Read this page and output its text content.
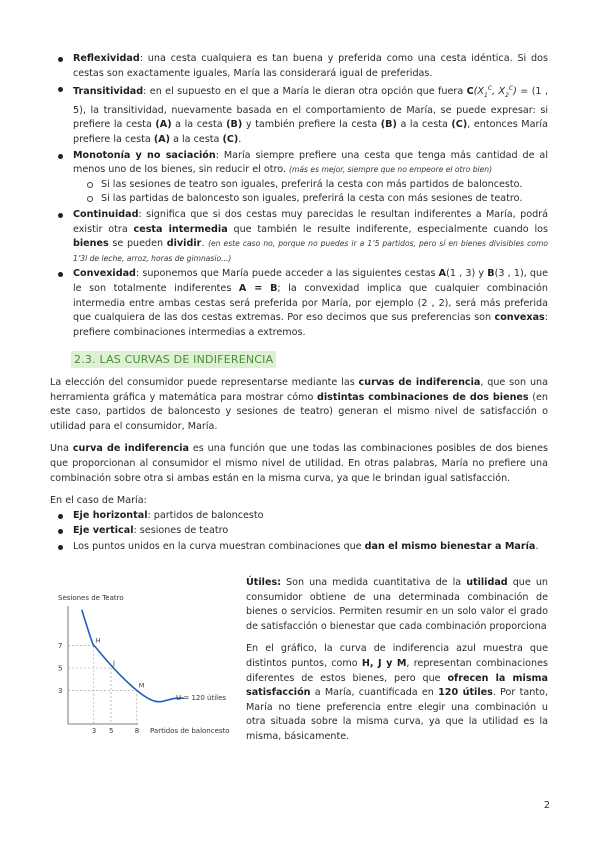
Reflexividad: una cesta cualquiera es tan buena y preferida como una cesta idéntica. Si dos cestas son exactamente iguales, María las considerará igual de preferidas.
Transitividad: en el supuesto en el que a María le dieran otra opción que fuera $C(X_1^C$, $X_2^C) = (1$ , 5), la transitividad, nuevamente basada en el comportamiento de María, se puede expresar: si prefiere la cesta (A) a la cesta (B) y también prefiere la cesta (B) a la cesta (C), entonces María prefiere la cesta (A) a la cesta (C).
Monotonía y no saciación: María siempre prefiere una cesta que tenga más cantidad de al menos uno de los bienes, sin reducir el otro. (más es mejor, siempre que no empeore el otro bien)
Si las sesiones de teatro son iguales, preferirá la cesta con más partidos de baloncesto.
Si las partidas de baloncesto son iguales, preferirá la cesta con más sesiones de teatro.
Continuidad: significa que si dos cestas muy parecidas le resultan indiferentes a María, podrá existir otra cesta intermedia que también le resulte indiferente, especialmente cuando los bienes se pueden dividir. (en este caso no, porque no puedes ir a 1’5 partidos, pero sí en bienes divisibles como 1’3l de leche, arroz, horas de gimnasio...)
Convexidad: suponemos que María puede acceder a las siguientes cestas A(1 , 3) y B(3 , 1), que le son totalmente indiferentes A = B; la convexidad implica que cualquier combinación intermedia entre ambas cestas será preferida por María, por ejemplo (2 , 2), será más preferida que cualquiera de las dos cestas extremas. Por eso decimos que sus preferencias son convexas: prefiere combinaciones intermedias a extremos.
2.3. LAS CURVAS DE INDIFERENCIA

La elección del consumidor puede representarse mediante las curvas de indiferencia, que son una herramienta gráfica y matemática para mostrar cómo distintas combinaciones de dos bienes (en este caso, partidos de baloncesto y sesiones de teatro) generan el mismo nivel de satisfacción o utilidad para el consumidor, María.

Una curva de indiferencia es una función que une todas las combinaciones posibles de dos bienes que proporcionan al consumidor el mismo nivel de utilidad. En otras palabras, María no prefiere una combinación sobre otra si ambas están en la misma curva, ya que le brindan igual satisfacción.

En el caso de María:

Eje horizontal: partidos de baloncesto
Eje vertical: sesiones de teatro
Los puntos unidos en la curva muestran combinaciones que dan el mismo bienestar a María.
Sesiones de Teatro
Partidos de baloncesto
3 5	8
7
5
3
H
J
M
U = 120 útiles

Útiles: Son una medida cuantitativa de la utilidad que un consumidor obtiene de una determinada combinación de bienes o servicios. Permiten resumir en un solo valor el grado de satisfacción o bienestar que cada combinación proporciona

En el gráfico, la curva de indiferencia azul muestra que distintos puntos, como H, J y M, representan combinaciones diferentes de estos bienes, pero que ofrecen la misma satisfacción a María, cuantificada en 120 útiles. Por tanto, María no tiene preferencia entre elegir una combinación u otra situada sobre la misma curva, ya que la utilidad es la misma, básicamente.

2
